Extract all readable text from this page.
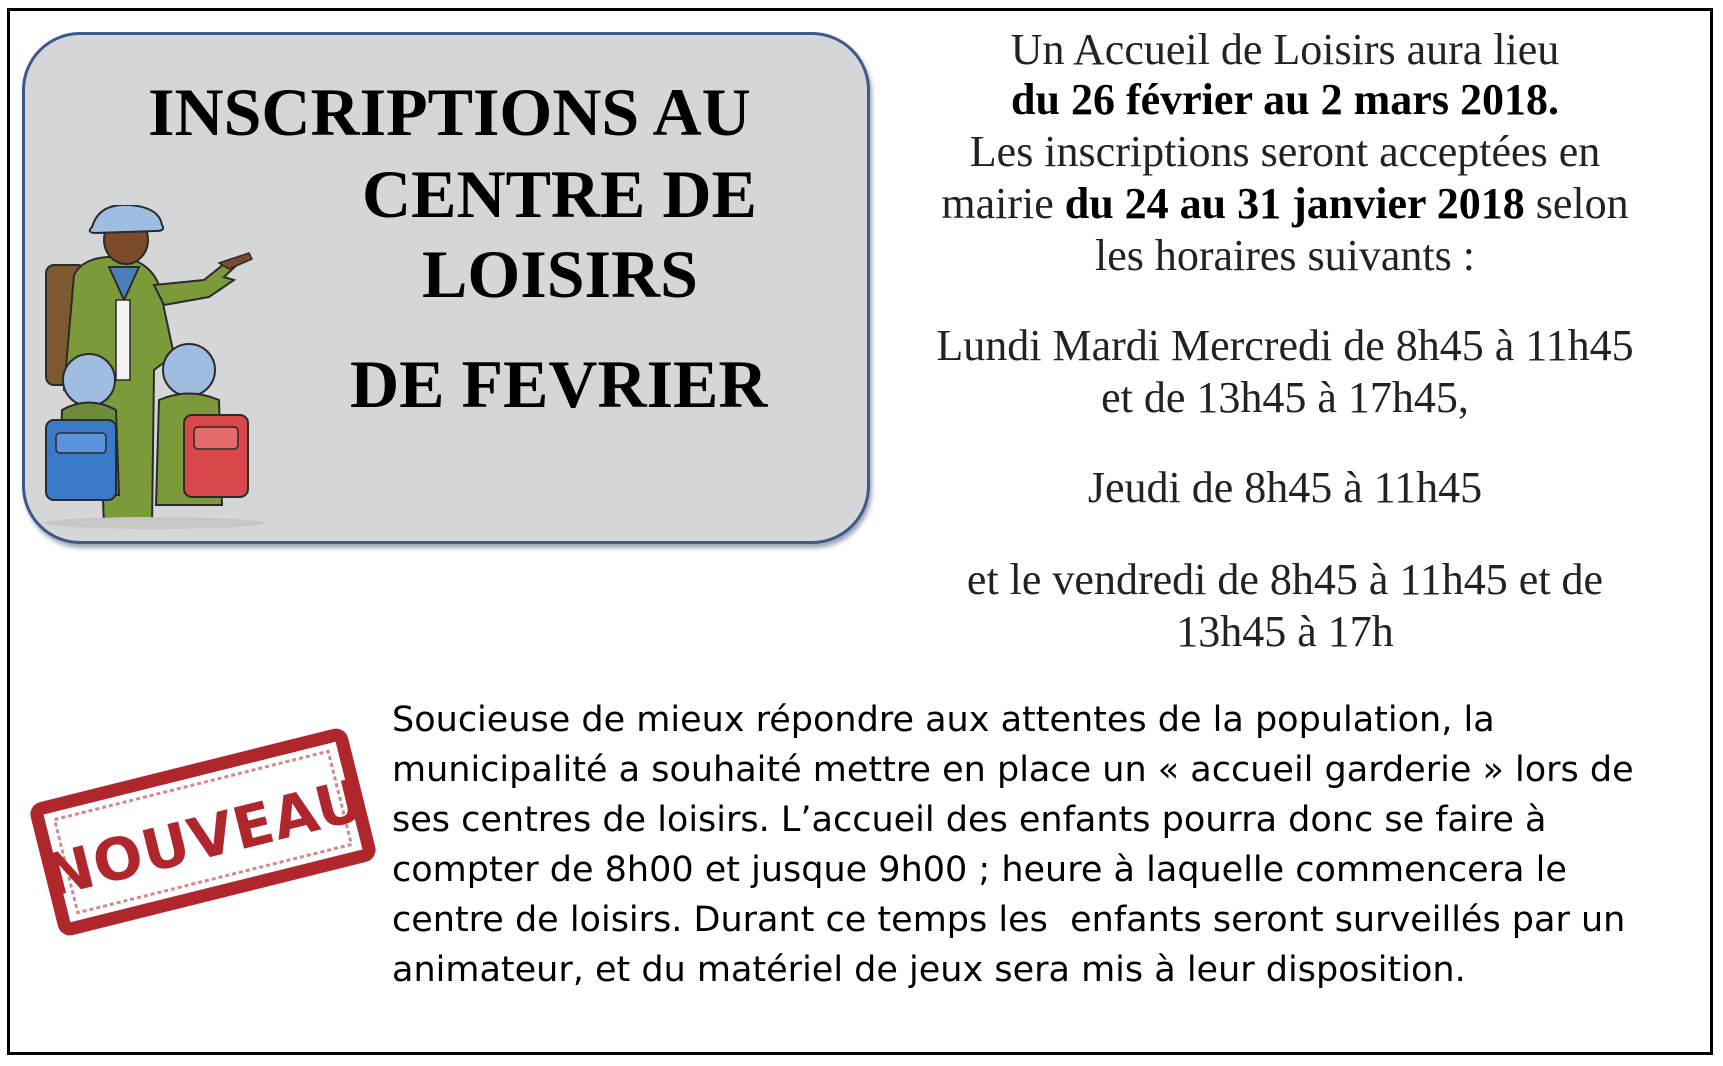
INSCRIPTIONS AU
CENTRE DE
LOISIRS
DE FEVRIER
Un Accueil de Loisirs aura lieu
du 26 février au 2 mars 2018.
Les inscriptions seront acceptées en
mairie du 24 au 31 janvier 2018 selon
les horaires suivants :
Lundi Mardi Mercredi de 8h45 à 11h45
et de 13h45 à 17h45,
Jeudi de 8h45 à 11h45
et le vendredi de 8h45 à 11h45 et de
13h45 à 17h
NOUVEAU
Soucieuse de mieux répondre aux attentes de la population, la
municipalité a souhaité mettre en place un « accueil garderie » lors de
ses centres de loisirs. L’accueil des enfants pourra donc se faire à
compter de 8h00 et jusque 9h00 ; heure à laquelle commencera le
centre de loisirs. Durant ce temps les  enfants seront surveillés par un
animateur, et du matériel de jeux sera mis à leur disposition.
